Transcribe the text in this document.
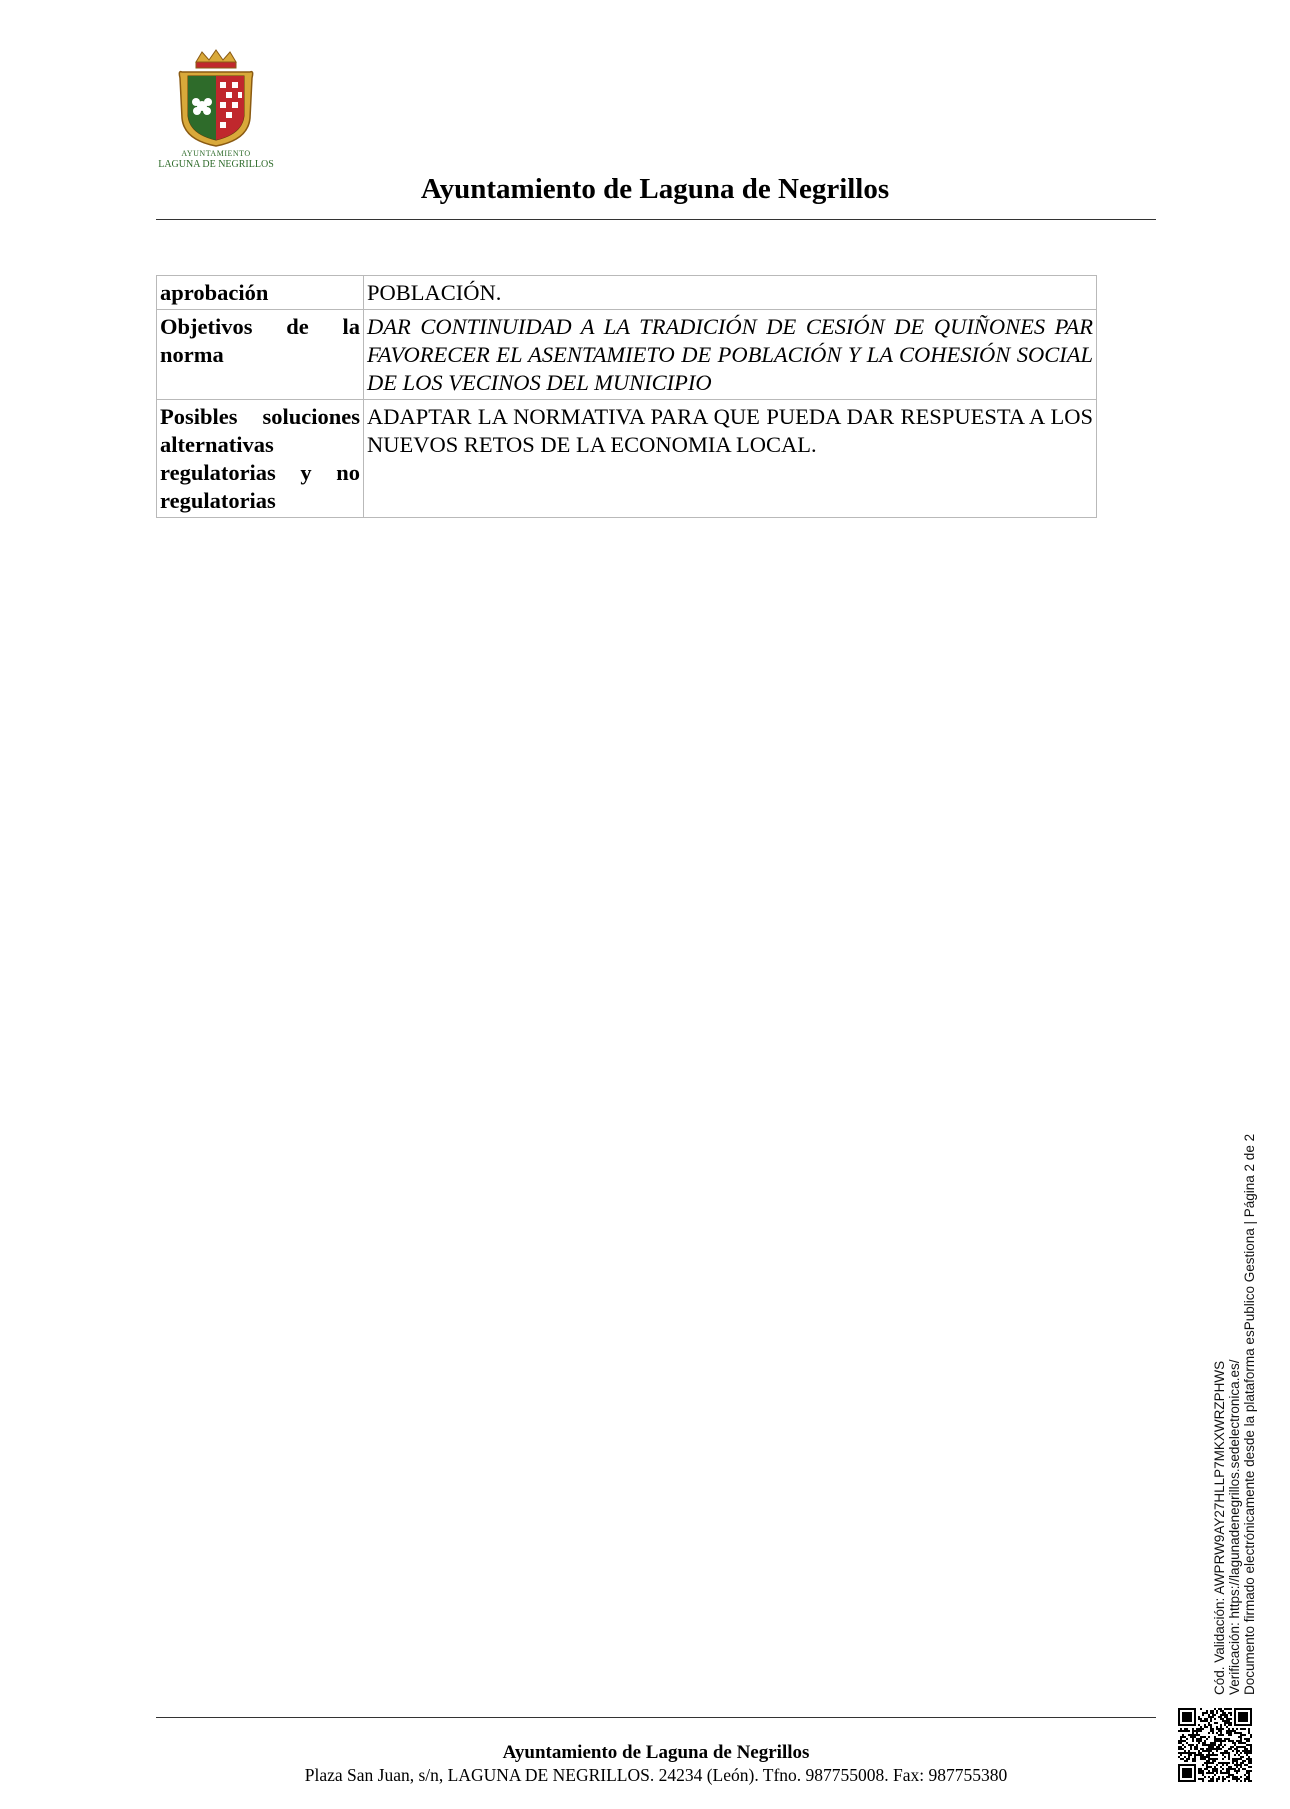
AYUNTAMIENTO
LAGUNA DE NEGRILLOS
Ayuntamiento de Laguna de Negrillos
aprobación	POBLACIÓN.
Objetivos de la norma	DAR CONTINUIDAD A LA TRADICIÓN DE CESIÓN DE QUIÑONES PAR FAVORECER EL ASENTAMIETO DE POBLACIÓN Y LA COHESIÓN SOCIAL DE LOS VECINOS DEL MUNICIPIO
Posibles soluciones alternativas regulatorias y no regulatorias	ADAPTAR LA NORMATIVA PARA QUE PUEDA DAR RESPUESTA A LOS NUEVOS RETOS DE LA ECONOMIA LOCAL.
Cód. Validación: AWPRW9AY27HLLP7MKXWRZPHWS Verificación: https://lagunadenegrillos.sedelectronica.es/ Documento firmado electrónicamente desde la plataforma esPublico Gestiona | Página 2 de 2
Ayuntamiento de Laguna de Negrillos
Plaza San Juan, s/n, LAGUNA DE NEGRILLOS. 24234 (León). Tfno. 987755008. Fax: 987755380
